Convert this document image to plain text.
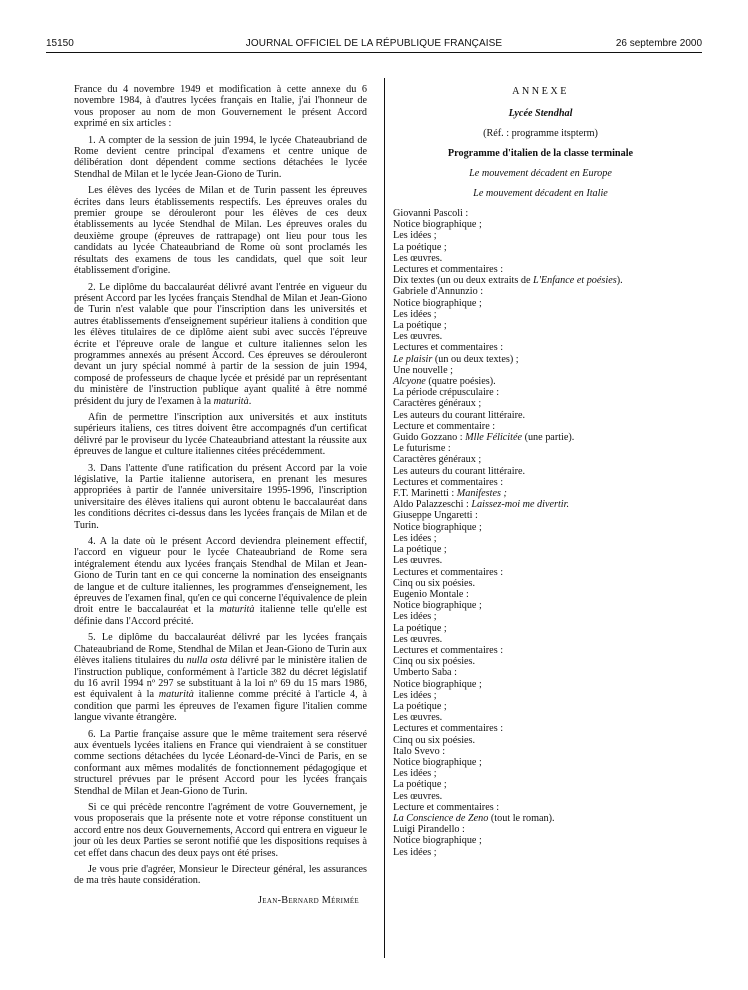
15150	JOURNAL OFFICIEL DE LA RÉPUBLIQUE FRANÇAISE	26 septembre 2000

France du 4 novembre 1949 et modification à cette annexe du 6 novembre 1984, à d'autres lycées français en Italie, j'ai l'honneur de vous proposer au nom de mon Gouvernement le présent Accord exprimé en six articles :

1. A compter de la session de juin 1994, le lycée Chateaubriand de Rome devient centre principal d'examens et centre unique de délibération dont dépendent comme sections détachées le lycée Stendhal de Milan et le lycée Jean-Giono de Turin.

Les élèves des lycées de Milan et de Turin passent les épreuves écrites dans leurs établissements respectifs. Les épreuves orales du premier groupe se dérouleront pour les élèves de ces deux établissements au lycée Stendhal de Milan. Les épreuves orales du deuxième groupe (épreuves de rattrapage) ont lieu pour tous les candidats au lycée Chateaubriand de Rome où sont proclamés les résultats des examens de tous les candidats, quel que soit leur établissement d'origine.

2. Le diplôme du baccalauréat délivré avant l'entrée en vigueur du présent Accord par les lycées français Stendhal de Milan et Jean-Giono de Turin n'est valable que pour l'inscription dans les universités et autres établissements d'enseignement supérieur italiens à condition que les élèves titulaires de ce diplôme aient subi avec succès l'épreuve écrite et l'épreuve orale de langue et culture italiennes selon les programmes annexés au présent Accord. Ces épreuves se dérouleront devant un jury spécial nommé à partir de la session de juin 1994, composé de professeurs de chaque lycée et présidé par un représentant du ministère de l'instruction publique ayant qualité à être nommé président du jury de l'examen à la maturità.

Afin de permettre l'inscription aux universités et aux instituts supérieurs italiens, ces titres doivent être accompagnés d'un certificat délivré par le proviseur du lycée Chateaubriand attestant la réussite aux épreuves de langue et culture italiennes citées précédemment.

3. Dans l'attente d'une ratification du présent Accord par la voie législative, la Partie italienne autorisera, en prenant les mesures appropriées à partir de l'année universitaire 1995-1996, l'inscription universitaire des élèves italiens qui auront obtenu le baccalauréat dans les conditions décrites ci-dessus dans les lycées français de Milan et de Turin.

4. A la date où le présent Accord deviendra pleinement effectif, l'accord en vigueur pour le lycée Chateaubriand de Rome sera intégralement étendu aux lycées français Stendhal de Milan et Jean-Giono de Turin tant en ce qui concerne la nomination des enseignants de langue et de culture italiennes, les programmes d'enseignement, les épreuves de l'examen final, qu'en ce qui concerne l'équivalence de plein droit entre le baccalauréat et la maturità italienne telle qu'elle est définie dans l'Accord précité.

5. Le diplôme du baccalauréat délivré par les lycées français Chateaubriand de Rome, Stendhal de Milan et Jean-Giono de Turin aux élèves italiens titulaires du nulla osta délivré par le ministère italien de l'instruction publique, conformément à l'article 382 du décret législatif du 16 avril 1994 nº 297 se substituant à la loi nº 69 du 15 mars 1986, est équivalent à la maturità italienne comme précité à l'article 4, à condition que parmi les épreuves de l'examen figure l'italien comme langue vivante étrangère.

6. La Partie française assure que le même traitement sera réservé aux éventuels lycées italiens en France qui viendraient à se constituer comme sections détachées du lycée Léonard-de-Vinci de Paris, en se conformant aux mêmes modalités de fonctionnement pédagogique et structurel prévues par le présent Accord pour les lycées français Stendhal de Milan et Jean-Giono de Turin.

Si ce qui précède rencontre l'agrément de votre Gouvernement, je vous proposerais que la présente note et votre réponse constituent un accord entre nos deux Gouvernements, Accord qui entrera en vigueur le jour où les deux Parties se seront notifié que les dispositions requises à cet effet dans chacun des deux pays ont été prises.

Je vous prie d'agréer, Monsieur le Directeur général, les assurances de ma très haute considération.

Jean-Bernard Mérimée
ANNEXE
Lycée Stendhal
(Réf. : programme itspterm)
Programme d'italien de la classe terminale
Le mouvement décadent en Europe
Le mouvement décadent en Italie
Giovanni Pascoli :
Notice biographique ;
Les idées ;
La poétique ;
Les œuvres.
Lectures et commentaires :
Dix textes (un ou deux extraits de L'Enfance et poésies).
Gabriele d'Annunzio :
Notice biographique ;
Les idées ;
La poétique ;
Les œuvres.
Lectures et commentaires :
Le plaisir (un ou deux textes) ;
Une nouvelle ;
Alcyone (quatre poésies).
La période crépusculaire :
Caractères généraux ;
Les auteurs du courant littéraire.
Lecture et commentaire :
Guido Gozzano : Mlle Félicitée (une partie).
Le futurisme :
Caractères généraux ;
Les auteurs du courant littéraire.
Lectures et commentaires :
F.T. Marinetti : Manifestes ;
Aldo Palazzeschi : Laissez-moi me divertir.
Giuseppe Ungaretti :
Notice biographique ;
Les idées ;
La poétique ;
Les œuvres.
Lectures et commentaires :
Cinq ou six poésies.
Eugenio Montale :
Notice biographique ;
Les idées ;
La poétique ;
Les œuvres.
Lectures et commentaires :
Cinq ou six poésies.
Umberto Saba :
Notice biographique ;
Les idées ;
La poétique ;
Les œuvres.
Lectures et commentaires :
Cinq ou six poésies.
Italo Svevo :
Notice biographique ;
Les idées ;
La poétique ;
Les œuvres.
Lecture et commentaires :
La Conscience de Zeno (tout le roman).
Luigi Pirandello :
Notice biographique ;
Les idées ;
